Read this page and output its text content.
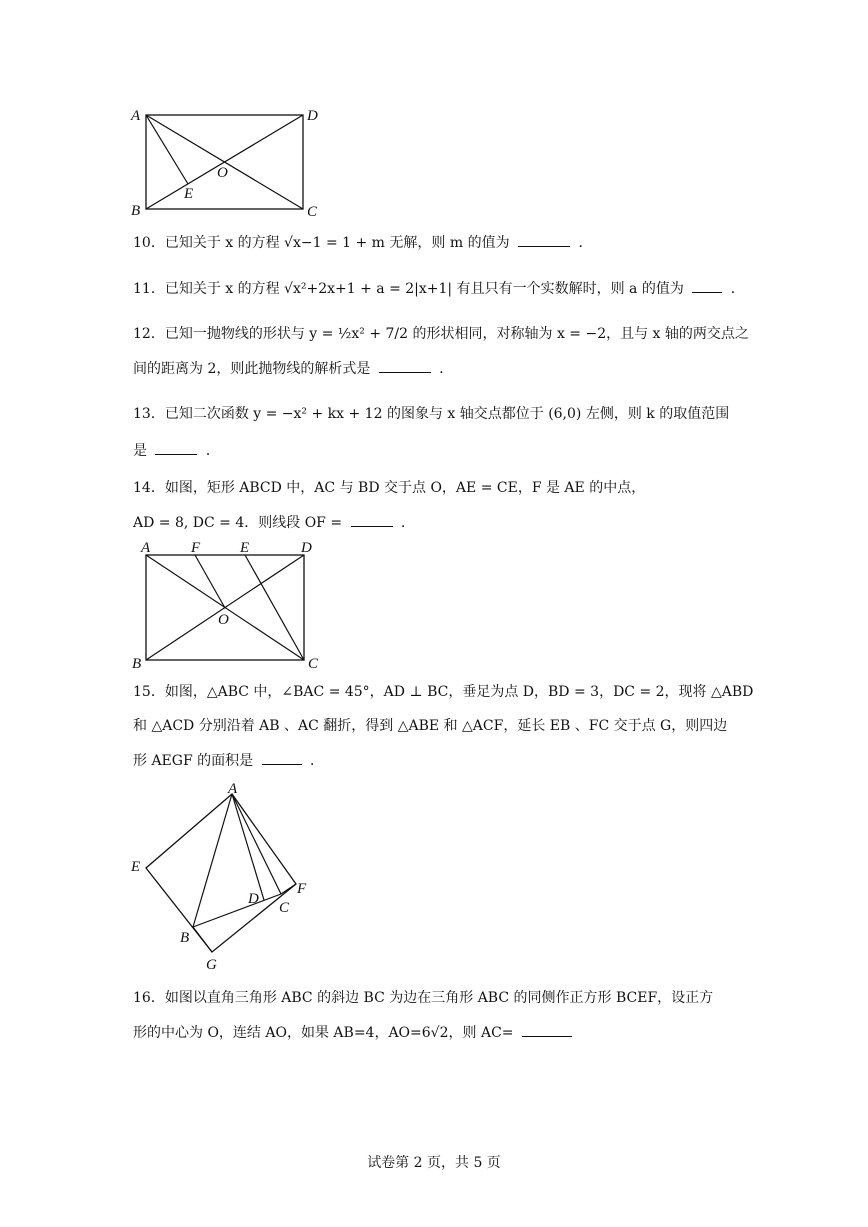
A	D
B	C
O
E
10．已知关于 x 的方程 √x−1 = 1 + m 无解，则 m 的值为	．
11．已知关于 x 的方程 √x²+2x+1 + a = 2|x+1| 有且只有一个实数解时，则 a 的值为	．
12．已知一抛物线的形状与 y = ½x² + 7/2 的形状相同，对称轴为 x = −2，且与 x 轴的两交点之
间的距离为 2，则此抛物线的解析式是	．
13．已知二次函数 y = −x² + kx + 12 的图象与 x 轴交点都位于 (6,0) 左侧，则 k 的取值范围
是	．
14．如图，矩形 ABCD 中，AC 与 BD 交于点 O，AE = CE，F 是 AE 的中点，
AD = 8, DC = 4．则线段 OF =	．
A	F	E	D
O
B	C
15．如图，△ABC 中，∠BAC = 45°，AD ⊥ BC，垂足为点 D，BD = 3，DC = 2，现将 △ABD
和 △ACD 分别沿着 AB 、AC 翻折，得到 △ABE 和 △ACF，延长 EB 、FC 交于点 G，则四边
形 AEGF 的面积是	．
A
E
F
D
C
B
G
16．如图以直角三角形 ABC 的斜边 BC 为边在三角形 ABC 的同侧作正方形 BCEF，设正方
形的中心为 O，连结 AO，如果 AB=4，AO=6√2，则 AC=
试卷第 2 页，共 5 页
